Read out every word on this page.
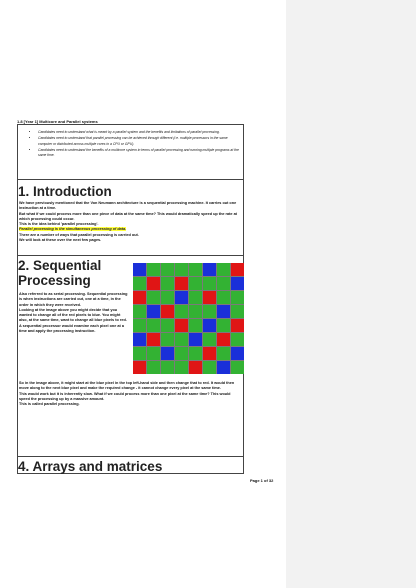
1.8 [Year 1] Multicore and Parallel systems
• Candidates need to understand what is meant by a parallel system and the benefits and limitations of parallel processing.
• Candidates need to understand that parallel processing can be achieved through different (i.e. multiple processors in the same computer or distributed across multiple cores in a CPU or GPU).
• Candidates need to understand the benefits of a multicore system in terms of parallel processing and running multiple programs at the same time.
1. Introduction

We have previously mentioned that the Von Neumann architecture is a sequential processing machine. It carries out one instruction at a time.

But what if we could process more than one piece of data at the same time? This would dramatically speed up the rate at which processing could occur.

This is the idea behind 'parallel processing'.

Parallel processing is the simultaneous processing of data.

There are a number of ways that parallel processing is carried out.

We will look at these over the next few pages.

2. Sequential Processing

Also referred to as serial processing. Sequential processing is when instructions are carried out, one at a time, in the order in which they were received.

Looking at the image above you might decide that you wanted to change all of the red pixels to blue. You might also, at the same time, want to change all blue pixels to red.

A sequential processor would examine each pixel one at a time and apply the processing instruction.

So in the image above, it might start at the blue pixel in the top left-hand side and then change that to red. It would then move along to the next blue pixel and make the required change - it cannot change every pixel at the same time.

This would work but it is inherently slow. What if we could process more than one pixel at the same time? This would speed the processing up by a massive amount.

This is called parallel processing.

4. Arrays and matrices
Page 1 of 32
